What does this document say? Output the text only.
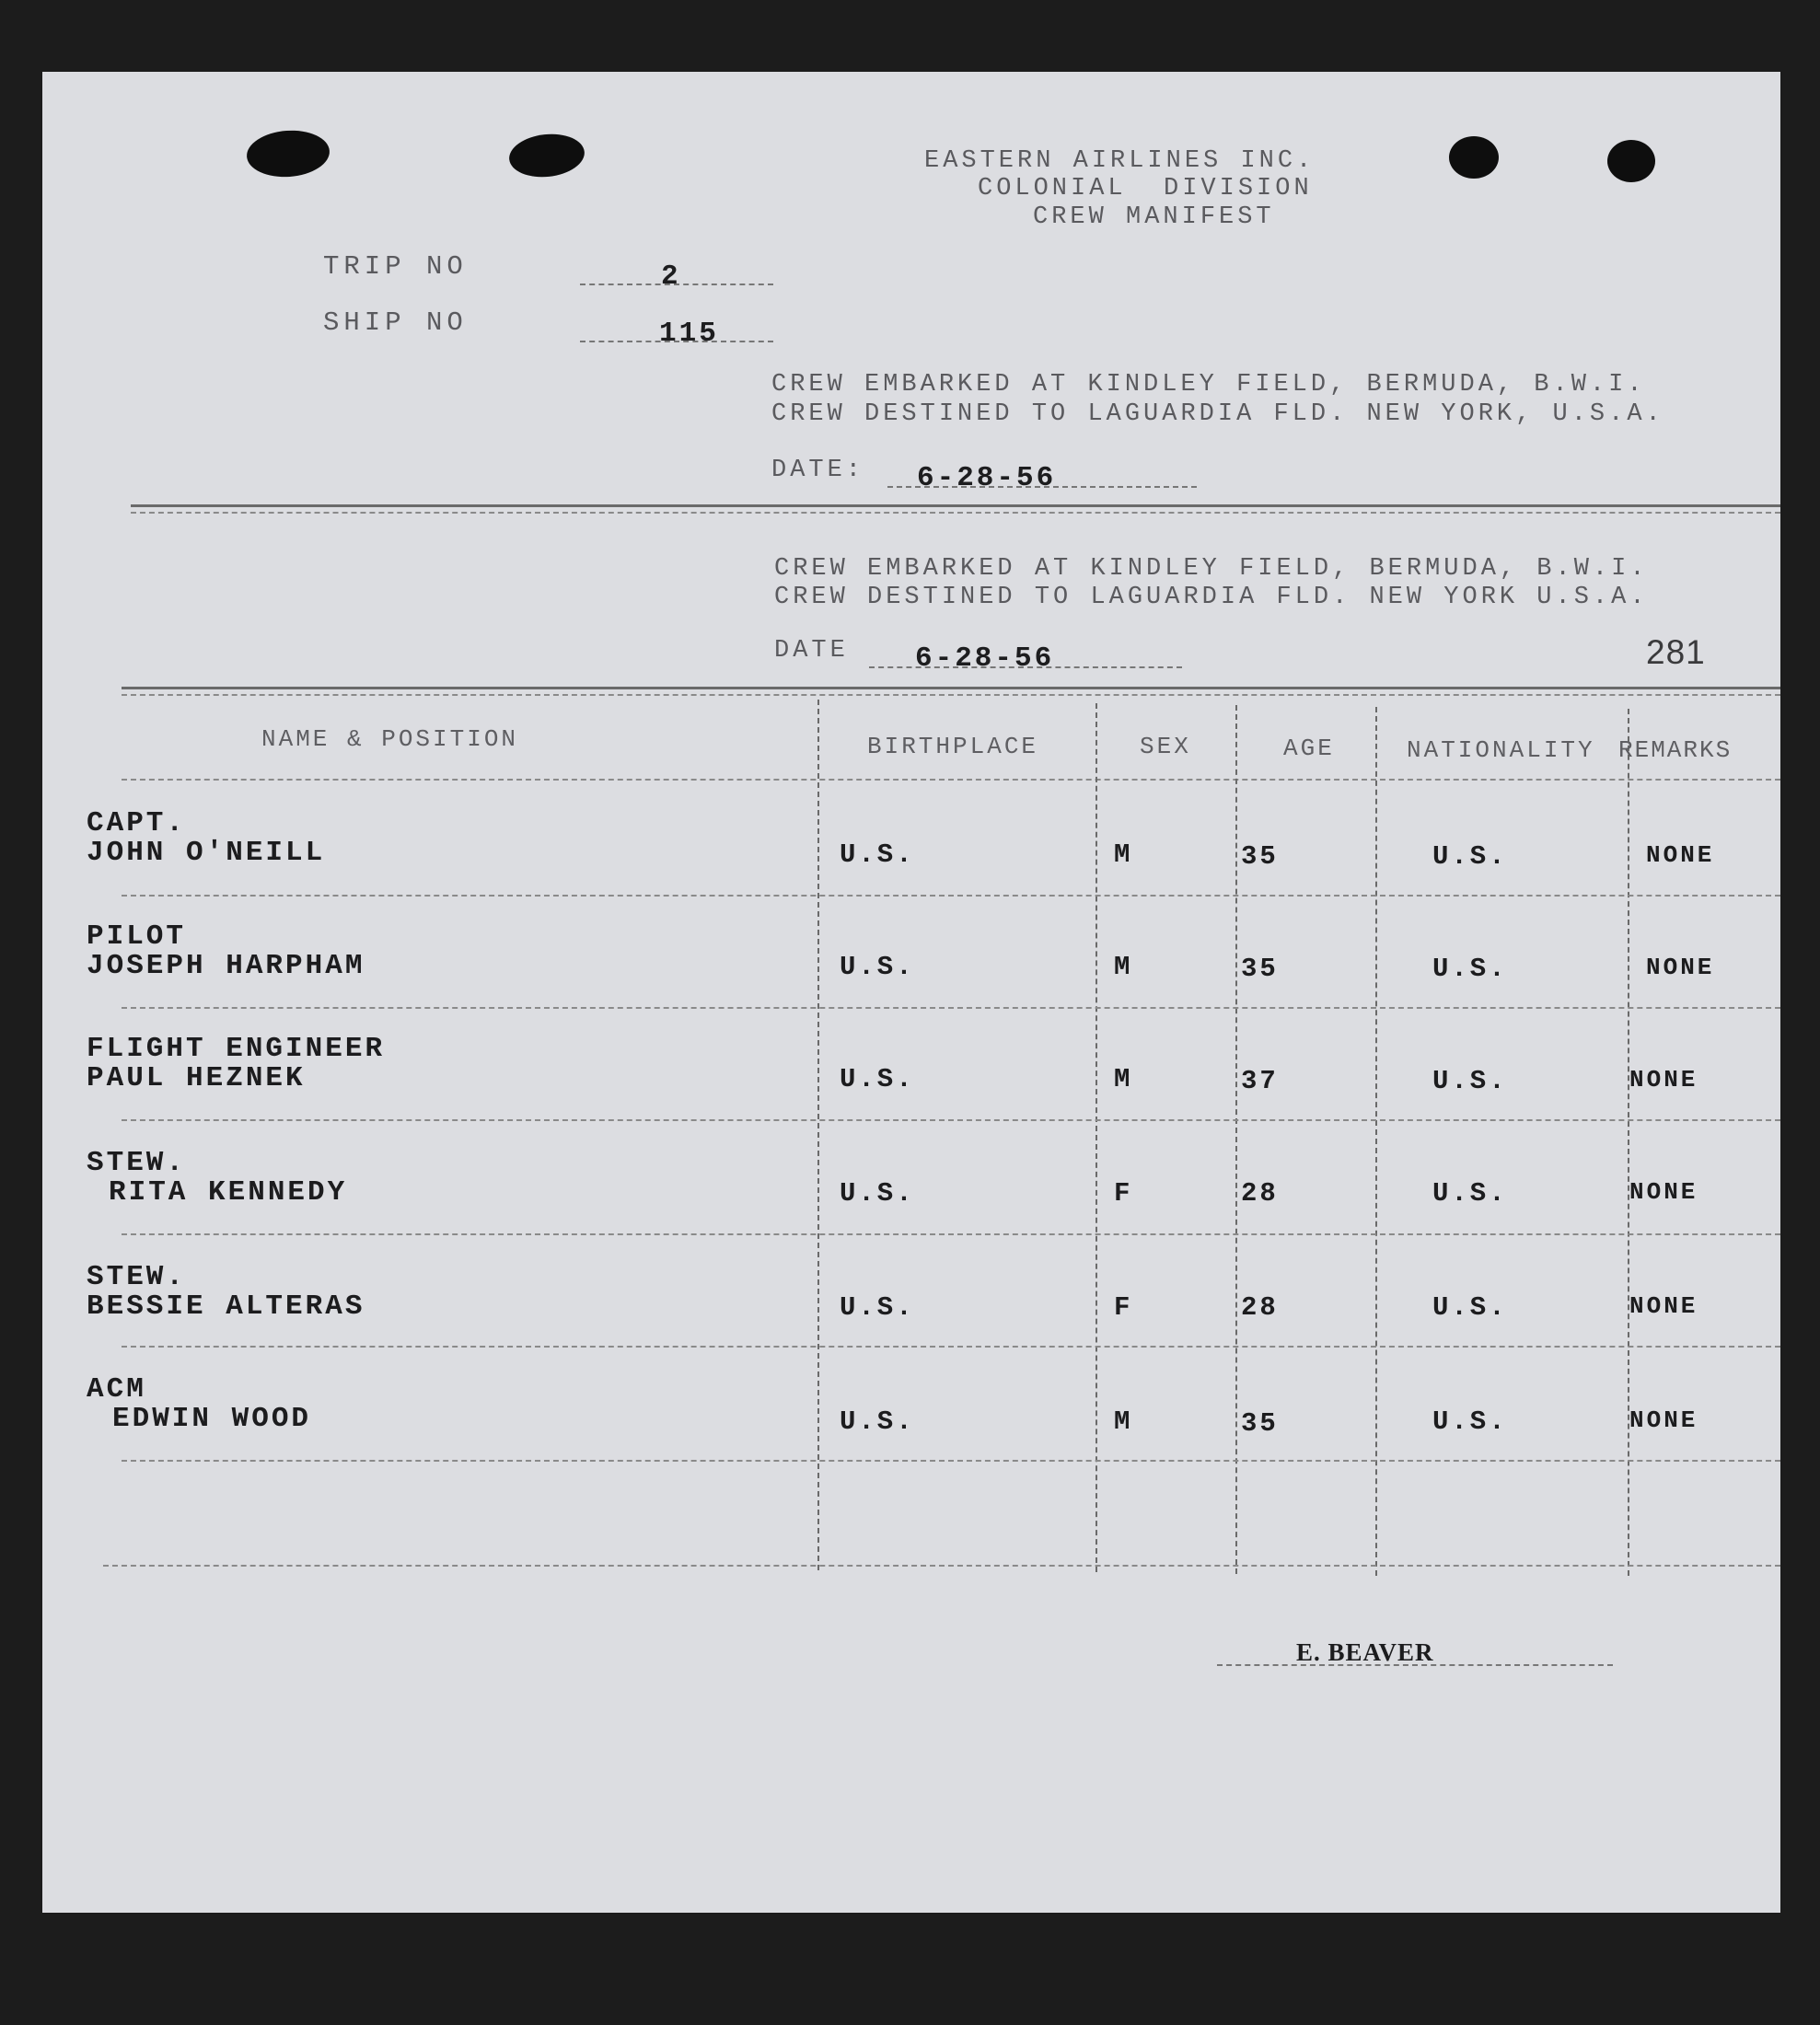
EASTERN AIRLINES INC.
COLONIAL  DIVISION
CREW MANIFEST
TRIP NO	2
SHIP NO	115
CREW EMBARKED AT KINDLEY FIELD, BERMUDA, B.W.I.
CREW DESTINED TO LAGUARDIA FLD. NEW YORK, U.S.A.
DATE: 6-28-56
CREW EMBARKED AT KINDLEY FIELD, BERMUDA, B.W.I.
CREW DESTINED TO LAGUARDIA FLD. NEW YORK U.S.A.
DATE 6-28-56	281
NAME & POSITION	BIRTHPLACE	SEX	AGE	NATIONALITY REMARKS
CAPT.
JOHN O'NEILL	U.S.	M	35	U.S.	NONE
PILOT
JOSEPH HARPHAM	U.S.	M	35	U.S.	NONE
FLIGHT ENGINEER
PAUL HEZNEK	U.S.	M	37	U.S.	NONE
STEW.
RITA KENNEDY	U.S.	F	28	U.S.	NONE
STEW.
BESSIE ALTERAS	U.S.	F	28	U.S.	NONE
ACM
EDWIN WOOD	U.S.	M	35	U.S.	NONE
E. BEAVER
